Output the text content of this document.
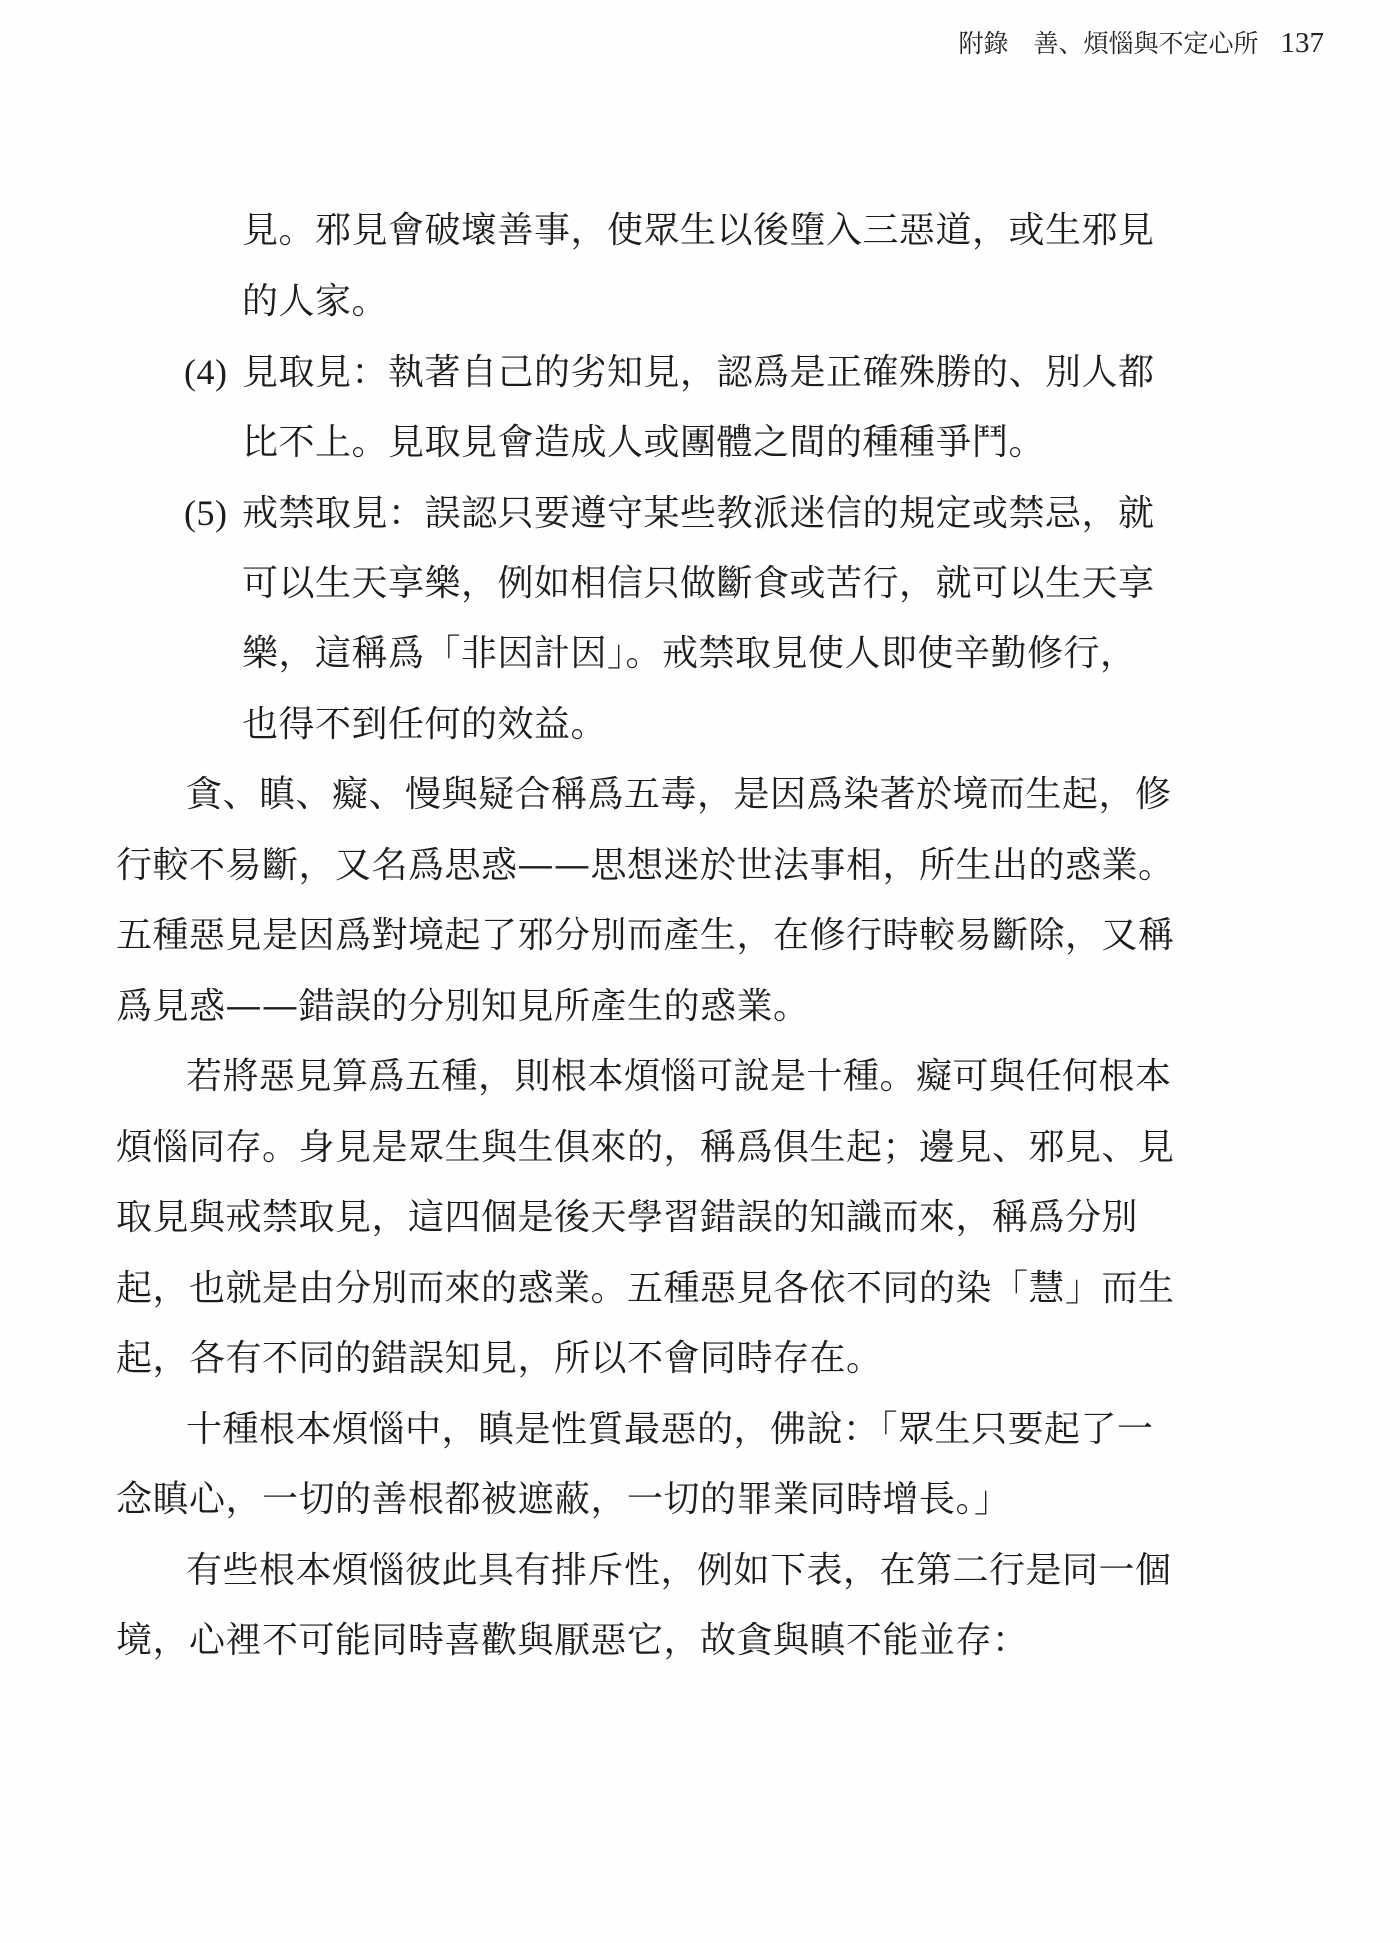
附錄　善、煩惱與不定心所 137
見。邪見會破壞善事，使眾生以後墮入三惡道，或生邪見
的人家。
(4) 見取見：執著自己的劣知見，認爲是正確殊勝的、別人都
比不上。見取見會造成人或團體之間的種種爭鬥。
(5) 戒禁取見：誤認只要遵守某些教派迷信的規定或禁忌，就
可以生天享樂，例如相信只做斷食或苦行，就可以生天享
樂，這稱爲「非因計因」。戒禁取見使人即使辛勤修行，
也得不到任何的效益。
貪、瞋、癡、慢與疑合稱爲五毒，是因爲染著於境而生起，修
行較不易斷，又名爲思惑——思想迷於世法事相，所生出的惑業。
五種惡見是因爲對境起了邪分別而產生，在修行時較易斷除，又稱
爲見惑——錯誤的分別知見所產生的惑業。
若將惡見算爲五種，則根本煩惱可說是十種。癡可與任何根本
煩惱同存。身見是眾生與生俱來的，稱爲俱生起；邊見、邪見、見
取見與戒禁取見，這四個是後天學習錯誤的知識而來，稱爲分別
起，也就是由分別而來的惑業。五種惡見各依不同的染「慧」而生
起，各有不同的錯誤知見，所以不會同時存在。
十種根本煩惱中，瞋是性質最惡的，佛說：「眾生只要起了一
念瞋心，一切的善根都被遮蔽，一切的罪業同時增長。」
有些根本煩惱彼此具有排斥性，例如下表，在第二行是同一個
境，心裡不可能同時喜歡與厭惡它，故貪與瞋不能並存：
